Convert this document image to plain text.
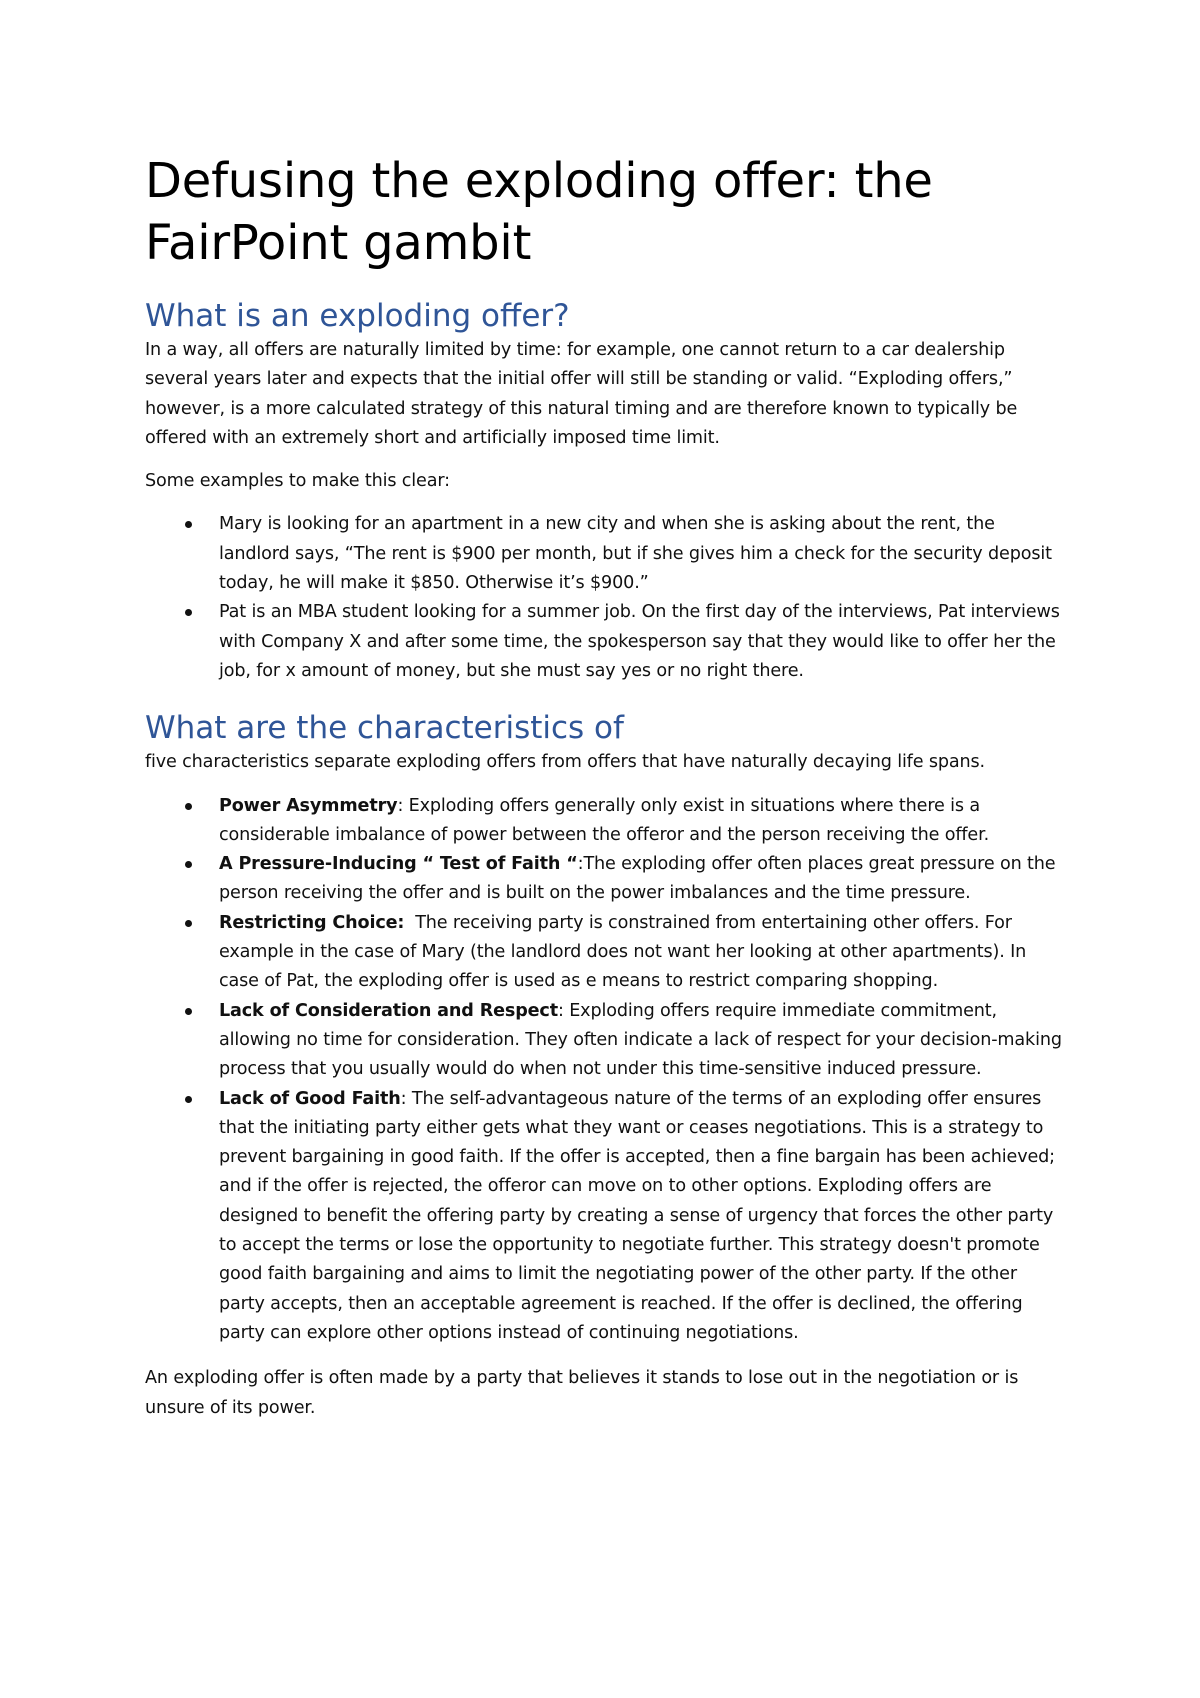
Defusing the exploding offer: the FairPoint gambit
What is an exploding offer?

In a way, all offers are naturally limited by time: for example, one cannot return to a car dealership several years later and expects that the initial offer will still be standing or valid. “Exploding offers,” however, is a more calculated strategy of this natural timing and are therefore known to typically be offered with an extremely short and artificially imposed time limit.

Some examples to make this clear:

Mary is looking for an apartment in a new city and when she is asking about the rent, the landlord says, “The rent is $900 per month, but if she gives him a check for the security deposit today, he will make it $850. Otherwise it’s $900.”
Pat is an MBA student looking for a summer job. On the first day of the interviews, Pat interviews with Company X and after some time, the spokesperson say that they would like to offer her the job, for x amount of money, but she must say yes or no right there.
What are the characteristics of

five characteristics separate exploding offers from offers that have naturally decaying life spans.

Power Asymmetry: Exploding offers generally only exist in situations where there is a considerable imbalance of power between the offeror and the person receiving the offer.
A Pressure-Inducing “ Test of Faith “:The exploding offer often places great pressure on the person receiving the offer and is built on the power imbalances and the time pressure.
Restricting Choice: The receiving party is constrained from entertaining other offers. For example in the case of Mary (the landlord does not want her looking at other apartments). In case of Pat, the exploding offer is used as e means to restrict comparing shopping.
Lack of Consideration and Respect: Exploding offers require immediate commitment, allowing no time for consideration. They often indicate a lack of respect for your decision-making process that you usually would do when not under this time-sensitive induced pressure.
Lack of Good Faith: The self-advantageous nature of the terms of an exploding offer ensures that the initiating party either gets what they want or ceases negotiations. This is a strategy to prevent bargaining in good faith. If the offer is accepted, then a fine bargain has been achieved; and if the offer is rejected, the offeror can move on to other options. Exploding offers are designed to benefit the offering party by creating a sense of urgency that forces the other party to accept the terms or lose the opportunity to negotiate further. This strategy doesn't promote good faith bargaining and aims to limit the negotiating power of the other party. If the other party accepts, then an acceptable agreement is reached. If the offer is declined, the offering party can explore other options instead of continuing negotiations.

An exploding offer is often made by a party that believes it stands to lose out in the negotiation or is unsure of its power.
